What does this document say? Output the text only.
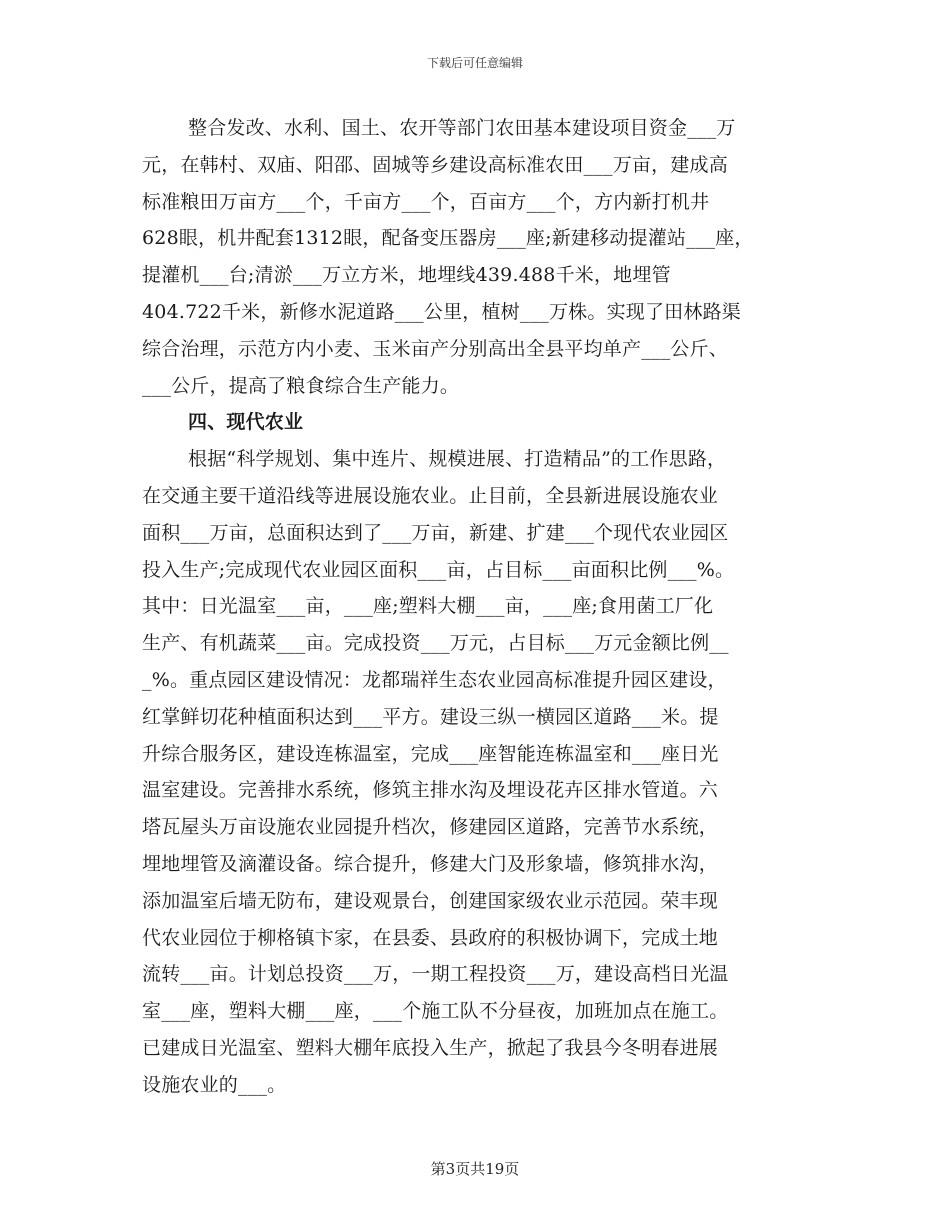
下载后可任意编辑
整合发改、水利、国土、农开等部门农田基本建设项目资金___万
元，在韩村、双庙、阳邵、固城等乡建设高标准农田___万亩，建成高
标准粮田万亩方___个，千亩方___个，百亩方___个，方内新打机井
628眼，机井配套1312眼，配备变压器房___座;新建移动提灌站___座，
提灌机___台;清淤___万立方米，地埋线439.488千米，地埋管
404.722千米，新修水泥道路___公里，植树___万株。实现了田林路渠
综合治理，示范方内小麦、玉米亩产分别高出全县平均单产___公斤、
___公斤，提高了粮食综合生产能力。
四、现代农业
根据“科学规划、集中连片、规模进展、打造精品”的工作思路，
在交通主要干道沿线等进展设施农业。止目前，全县新进展设施农业
面积___万亩，总面积达到了___万亩，新建、扩建___个现代农业园区
投入生产;完成现代农业园区面积___亩，占目标___亩面积比例___%。
其中：日光温室___亩，___座;塑料大棚___亩，___座;食用菌工厂化
生产、有机蔬菜___亩。完成投资___万元，占目标___万元金额比例__
_%。重点园区建设情况：龙都瑞祥生态农业园高标准提升园区建设，
红掌鲜切花种植面积达到___平方。建设三纵一横园区道路___米。提
升综合服务区，建设连栋温室，完成___座智能连栋温室和___座日光
温室建设。完善排水系统，修筑主排水沟及埋设花卉区排水管道。六
塔瓦屋头万亩设施农业园提升档次，修建园区道路，完善节水系统，
埋地埋管及滴灌设备。综合提升，修建大门及形象墙，修筑排水沟，
添加温室后墙无防布，建设观景台，创建国家级农业示范园。荣丰现
代农业园位于柳格镇卞家，在县委、县政府的积极协调下，完成土地
流转___亩。计划总投资___万，一期工程投资___万，建设高档日光温
室___座，塑料大棚___座，___个施工队不分昼夜，加班加点在施工。
已建成日光温室、塑料大棚年底投入生产，掀起了我县今冬明春进展
设施农业的___。
第3页共19页
